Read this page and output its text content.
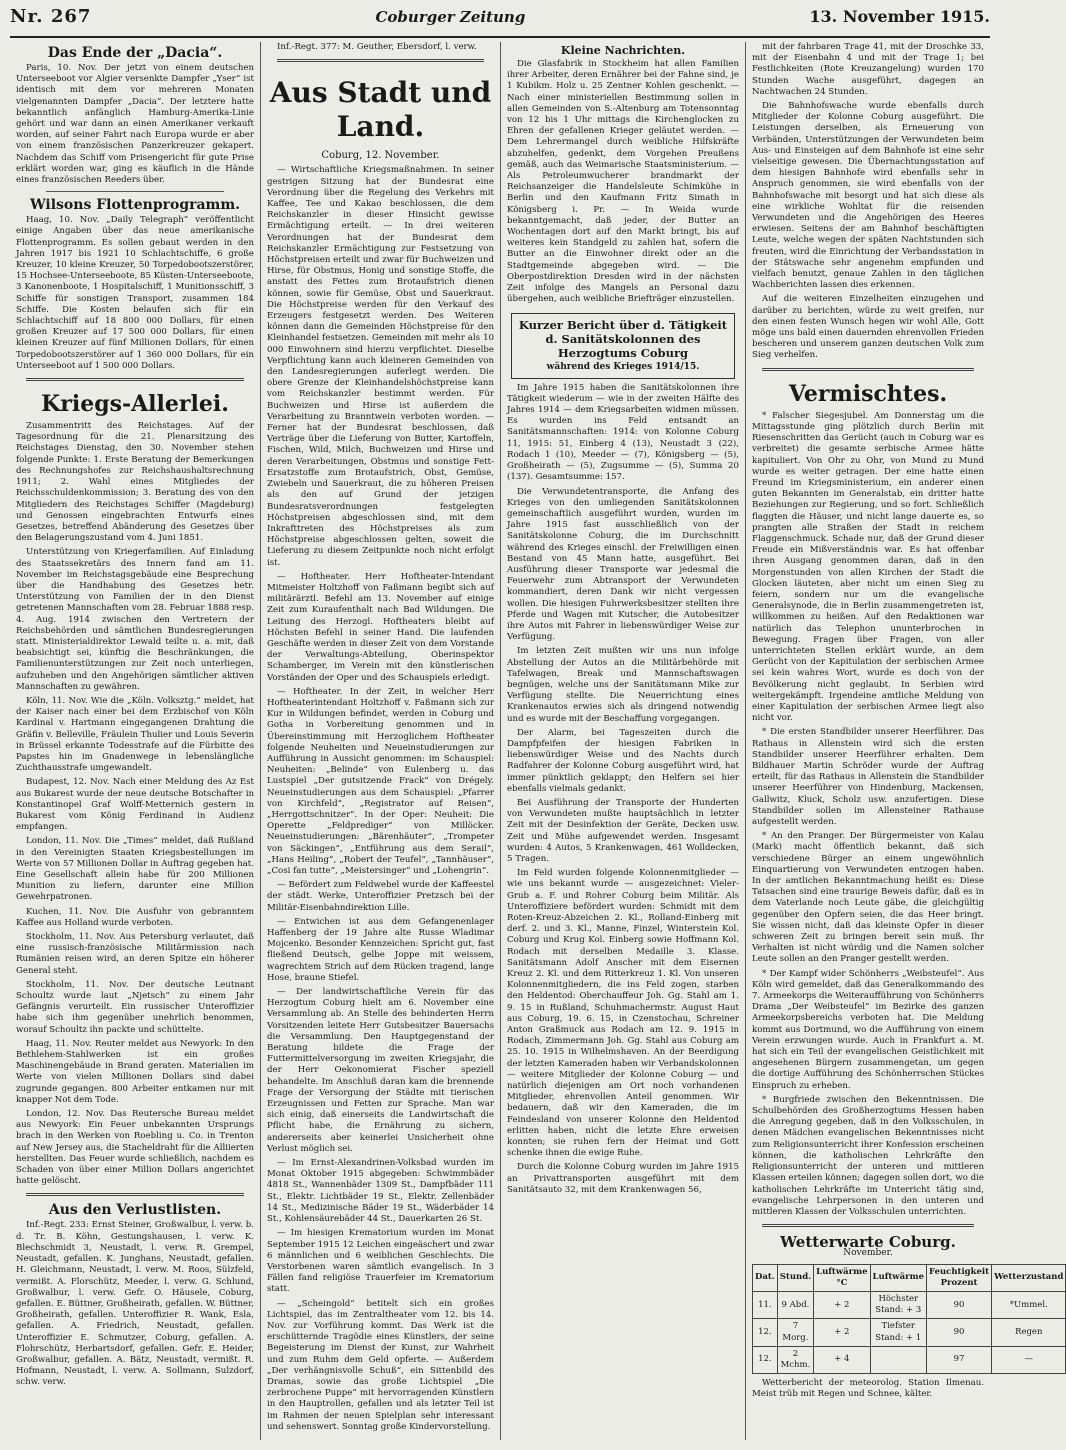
Nr. 267	Coburger Zeitung	13. November 1915.
Das Ende der „Dacia“.

Paris, 10. Nov. Der jetzt von einem deutschen Unterseeboot vor Algier versenkte Dampfer „Yser“ ist identisch mit dem vor mehreren Monaten vielgenannten Dampfer „Dacia“. Der letztere hatte bekanntlich anfänglich Hamburg-Amerika-Linie gehört und war dann an einen Amerikaner verkauft worden, auf seiner Fahrt nach Europa wurde er aber von einem französischen Panzerkreuzer gekapert. Nachdem das Schiff vom Prisengericht für gute Prise erklärt worden war, ging es käuflich in die Hände eines französischen Reeders über.

Wilsons Flottenprogramm.

Haag, 10. Nov. „Daily Telegraph“ veröffentlicht einige Angaben über das neue amerikanische Flottenprogramm. Es sollen gebaut werden in den Jahren 1917 bis 1921 10 Schlachtschiffe, 6 große Kreuzer, 10 kleine Kreuzer, 50 Torpedobootszerstörer, 15 Hochsee-Unterseeboote, 85 Küsten-Unterseeboote, 3 Kanonenboote, 1 Hospitalschiff, 1 Munitionsschiff, 3 Schiffe für sonstigen Transport, zusammen 184 Schiffe. Die Kosten belaufen sich für ein Schlachtschiff auf 18 800 000 Dollars, für einen großen Kreuzer auf 17 500 000 Dollars, für einen kleinen Kreuzer auf fünf Millionen Dollars, für einen Torpedobootszerstörer auf 1 360 000 Dollars, für ein Unterseeboot auf 1 500 000 Dollars.

Kriegs-Allerlei.

Zusammentritt des Reichstages. Auf der Tagesordnung für die 21. Plenarsitzung des Reichstages Dienstag, den 30. November stehen folgende Punkte: 1. Erste Beratung der Bemerkungen des Rechnungshofes zur Reichshaushaltsrechnung 1911; 2. Wahl eines Mitgliedes der Reichsschuldenkommission; 3. Beratung des von den Mitgliedern des Reichstages Schiffer (Magdeburg) und Genossen eingebrachten Entwurfs eines Gesetzes, betreffend Abänderung des Gesetzes über den Belagerungszustand vom 4. Juni 1851.

Unterstützung von Kriegerfamilien. Auf Einladung des Staatssekretärs des Innern fand am 11. November im Reichstagsgebäude eine Besprechung über die Handhabung des Gesetzes betr. Unterstützung von Familien der in den Dienst getretenen Mannschaften vom 28. Februar 1888 resp. 4. Aug. 1914 zwischen den Vertretern der Reichsbehörden und sämtlichen Bundesregierungen statt. Ministerialdirektor Lewald teilte u. a. mit, daß beabsichtigt sei, künftig die Beschränkungen, die Familienunterstützungen zur Zeit noch unterliegen, aufzuheben und den Angehörigen sämtlicher aktiven Mannschaften zu gewähren.

Köln, 11. Nov. Wie die „Köln. Volksztg.“ meldet, hat der Kaiser nach einer bei dem Erzbischof von Köln Kardinal v. Hartmann eingegangenen Drahtung die Gräfin v. Belleville, Fräulein Thulier und Louis Severin in Brüssel erkannte Todesstrafe auf die Fürbitte des Papstes hin im Gnadenwege in lebenslängliche Zuchthausstrafe umgewandelt.

Budapest, 12. Nov. Nach einer Meldung des Az Est aus Bukarest wurde der neue deutsche Botschafter in Konstantinopel Graf Wolff-Metternich gestern in Bukarest vom König Ferdinand in Audienz empfangen.

London, 11. Nov. Die „Times“ meldet, daß Rußland in den Vereinigten Staaten Kriegsbestellungen im Werte von 57 Millionen Dollar in Auftrag gegeben hat. Eine Gesellschaft allein habe für 200 Millionen Munition zu liefern, darunter eine Million Gewehrpatronen.

Kuchen, 11. Nov. Die Ausfuhr von gebranntem Kaffee aus Holland wurde verboten.

Stockholm, 11. Nov. Aus Petersburg verlautet, daß eine russisch-französische Militärmission nach Rumänien reisen wird, an deren Spitze ein höherer General steht.

Stockholm, 11. Nov. Der deutsche Leutnant Schoultz wurde laut „Njetsch“ zu einem Jahr Gefängnis verurteilt. Ein russischer Unteroffizier habe sich ihm gegenüber unehrlich benommen, worauf Schoultz ihn packte und schüttelte.

Haag, 11. Nov. Reuter meldet aus Newyork: In den Bethlehem-Stahlwerken ist ein großes Maschinengebäude in Brand geraten. Materialien im Werte von vielen Millionen Dollars sind dabei zugrunde gegangen. 800 Arbeiter entkamen nur mit knapper Not dem Tode.

London, 12. Nov. Das Reutersche Bureau meldet aus Newyork: Ein Feuer unbekannten Ursprungs brach in den Werken von Roebling u. Co. in Trenton auf New Jersey aus, die Stacheldraht für die Alliierten herstellten. Das Feuer wurde schließlich, nachdem es Schaden von über einer Million Dollars angerichtet hatte gelöscht.

Aus den Verlustlisten.

Inf.-Regt. 233: Ernst Steiner, Großwalbur, l. verw. b. d. Tr. B. Köhn, Gestungshausen, l. verw. K. Blechschmidt 3, Neustadt, l. verw. R. Grempel, Neustadt, gefallen. K. Junghans, Neustadt, gefallen. H. Gleichmann, Neustadt, l. verw. M. Roos, Sülzfeld, vermißt. A. Florschütz, Meeder, l. verw. G. Schlund, Großwalbur, l. verw. Gefr. O. Häusele, Coburg, gefallen. E. Büttner, Großheirath, gefallen. W. Büttner, Großheirath, gefallen. Unteroffizier R. Wank, Esla, gefallen. A. Friedrich, Neustadt, gefallen. Unteroffizier E. Schmutzer, Coburg, gefallen. A. Flohrschütz, Herbartsdorf, gefallen. Gefr. E. Heider, Großwalbur, gefallen. A. Bätz, Neustadt, vermißt. R. Hofmann, Neustadt, l. verw. A. Sollmann, Sulzdorf, schw. verw.

Inf.-Regt. 377: M. Geuther, Ebersdorf, l. verw.

Aus Stadt und Land.

Coburg, 12. November.

— Wirtschaftliche Kriegsmaßnahmen. In seiner gestrigen Sitzung hat der Bundesrat eine Verordnung über die Regelung des Verkehrs mit Kaffee, Tee und Kakao beschlossen, die dem Reichskanzler in dieser Hinsicht gewisse Ermächtigung erteilt. — In drei weiteren Verordnungen hat der Bundesrat dem Reichskanzler Ermächtigung zur Festsetzung von Höchstpreisen erteilt und zwar für Buchweizen und Hirse, für Obstmus, Honig und sonstige Stoffe, die anstatt des Fettes zum Brotaufstrich dienen können, sowie für Gemüse, Obst und Sauerkraut. Die Höchstpreise werden für den Verkauf des Erzeugers festgesetzt werden. Des Weiteren können dann die Gemeinden Höchstpreise für den Kleinhandel festsetzen. Gemeinden mit mehr als 10 000 Einwohnern sind hierzu verpflichtet. Dieselbe Verpflichtung kann auch kleineren Gemeinden von den Landesregierungen auferlegt werden. Die obere Grenze der Kleinhandelshöchstpreise kann vom Reichskanzler bestimmt werden. Für Buchweizen und Hirse ist außerdem die Verarbeitung zu Branntwein verboten worden. — Ferner hat der Bundesrat beschlossen, daß Verträge über die Lieferung von Butter, Kartoffeln, Fischen, Wild, Milch, Buchweizen und Hirse und deren Verarbeitungen, Obstmus und sonstige Fett-Ersatzstoffe zum Brotaufstrich, Obst, Gemüse, Zwiebeln und Sauerkraut, die zu höheren Preisen als den auf Grund der jetzigen Bundesratsverordnungen festgelegten Höchstpreisen abgeschlossen sind, mit dem Inkrafttreten des Höchstpreises als zum Höchstpreise abgeschlossen gelten, soweit die Lieferung zu diesem Zeitpunkte noch nicht erfolgt ist.

— Hoftheater. Herr Hoftheater-Intendant Mitmeister Holtzhoff von Faßmann begibt sich auf militärärztl. Befehl am 13. November auf einige Zeit zum Kuraufenthalt nach Bad Wildungen. Die Leitung des Herzogl. Hoftheaters bleibt auf Höchsten Befehl in seiner Hand. Die laufenden Geschäfte werden in dieser Zeit von dem Vorstande der Verwaltungs-Abteilung, Oberinspektor Schamberger, im Verein mit den künstlerischen Vorständen der Oper und des Schauspiels erledigt.

— Hoftheater. In der Zeit, in welcher Herr Hoftheaterintendant Holtzhoff v. Faßmann sich zur Kur in Wildungen befindet, werden in Coburg und Gotha in Vorbereitung genommen und in Übereinstimmung mit Herzoglichem Hoftheater folgende Neuheiten und Neueinstudierungen zur Aufführung in Aussicht genommen: im Schauspiel: Neuheiten: „Belinde“ von Eulenberg u. das Lustspiel „Der gutsitzende Frack“ von Drégely. Neueinstudierungen aus dem Schauspiel: „Pfarrer von Kirchfeld“, „Registrator auf Reisen“, „Herrgottschnitzer“. In der Oper: Neuheit: Die Operette „Feldprediger“ von Millöcker. Neueinstudierungen: „Bärenhäuter“, „Trompeter von Säckingen“, „Entführung aus dem Serail“, „Hans Heiling“, „Robert der Teufel“, „Tannhäuser“, „Cosi fan tutte“, „Meistersinger“ und „Lohengrin“.

— Befördert zum Feldwebel wurde der Kaffeestel der städt. Werke, Unteroffizier Pretzsch bei der Militär-Eisenbahndirektion Lille.

— Entwichen ist aus dem Gefangenenlager Haffenberg der 19 Jahre alte Russe Wladimar Mojcenko. Besonder Kennzeichen: Spricht gut, fast fließend Deutsch, gelbe Joppe mit weissem, wagrechtem Strich auf dem Rücken tragend, lange Hose, braune Stiefel.

— Der landwirtschaftliche Verein für das Herzogtum Coburg hielt am 6. November eine Versammlung ab. An Stelle des behinderten Herrn Vorsitzenden leitete Herr Gutsbesitzer Bauersachs die Versammlung. Den Hauptgegenstand der Beratung bildete die Frage der Futtermittelversorgung im zweiten Kriegsjahr, die der Herr Oekonomierat Fischer speziell behandelte. Im Anschluß daran kam die brennende Frage der Versorgung der Städte mit tierischen Erzeugnissen und Fetten zur Sprache. Man war sich einig, daß einerseits die Landwirtschaft die Pflicht habe, die Ernährung zu sichern, andererseits aber keinerlei Unsicherheit ohne Verlust möglich sei.

— Im Ernst-Alexandrinen-Volksbad wurden im Monat Oktober 1915 abgegeben: Schwimmbäder 4818 St., Wannenbäder 1309 St., Dampfbäder 111 St., Elektr. Lichtbäder 19 St., Elektr. Zellenbäder 14 St., Medizinische Bäder 19 St., Wäderbäder 14 St., Kohlensäurebäder 44 St., Dauerkarten 26 St.

— Im hiesigen Krematorium wurden im Monat September 1915 12 Leichen eingeäschert und zwar 6 männlichen und 6 weiblichen Geschlechts. Die Verstorbenen waren sämtlich evangelisch. In 3 Fällen fand religiöse Trauerfeier im Krematorium statt.

— „Scheingold“ betitelt sich ein großes Lichtspiel, das im Zentraltheater vom 12. bis 14. Nov. zur Vorführung kommt. Das Werk ist die erschütternde Tragödie eines Künstlers, der seine Begeisterung im Dienst der Kunst, zur Wahrheit und zum Ruhm dem Geld opferte. — Außerdem „Der verhängnisvolle Schuß“, ein Sittenbild des Dramas, sowie das große Lichtspiel „Die zerbrochene Puppe“ mit hervorragenden Künstlern in den Hauptrollen, gefallen und als letzter Teil ist im Rahmen der neuen Spielplan sehr interessant und sehenswert. Sonntag große Kindervorstellung.

Kleine Nachrichten.

Die Glasfabrik in Stockheim hat allen Familien ihrer Arbeiter, deren Ernährer bei der Fahne sind, je 1 Kubikm. Holz u. 25 Zentner Kohlen geschenkt. — Nach einer ministeriellen Bestimmung sollen in allen Gemeinden von S.-Altenburg am Totensonntag von 12 bis 1 Uhr mittags die Kirchenglocken zu Ehren der gefallenen Krieger geläutet werden. — Dem Lehrermangel durch weibliche Hilfskräfte abzuhelfen, gedenkt, dem Vorgehen Preußens gemäß, auch das Weimarische Staatsministerium. — Als Petroleumwucherer brandmarkt der Reichsanzeiger die Handelsleute Schimkühe in Berlin und den Kaufmann Fritz Simath in Königsberg i. Pr. — In Weida wurde bekanntgemacht, daß jeder, der Butter an Wochentagen dort auf den Markt bringt, bis auf weiteres kein Standgeld zu zahlen hat, sofern die Butter an die Einwohner direkt oder an die Stadtgemeinde abgegeben wird. — Die Oberpostdirektion Dresden wird in der nächsten Zeit infolge des Mangels an Personal dazu übergehen, auch weibliche Briefträger einzustellen.

Kurzer Bericht über d. Tätigkeit d. Sanitätskolonnen des Herzogtums Coburg
während des Krieges 1914/15.

Im Jahre 1915 haben die Sanitätskolonnen ihre Tätigkeit wiederum — wie in der zweiten Hälfte des Jahres 1914 — dem Kriegsarbeiten widmen müssen. Es wurden ins Feld entsandt an Sanitätsmannschaften: 1914: von Kolonne Coburg 11, 1915: 51, Einberg 4 (13), Neustadt 3 (22), Rodach 1 (10), Meeder — (7), Königsberg — (5), Großheirath — (5), Zugsumme — (5), Summa 20 (137). Gesamtsumme: 157.

Die Verwundetentransporte, die Anfang des Krieges von den umliegenden Sanitätskolonnen gemeinschaftlich ausgeführt wurden, wurden im Jahre 1915 fast ausschließlich von der Sanitätskolonne Coburg, die im Durchschnitt während des Krieges einschl. der Freiwilligen einen Bestand von 45 Mann hatte, ausgeführt. Bei Ausführung dieser Transporte war jedesmal die Feuerwehr zum Abtransport der Verwundeten kommandiert, deren Dank wir nicht vergessen wollen. Die hiesigen Fuhrwerksbesitzer stellten ihre Pferde und Wagen mit Kutscher, die Autobesitzer ihre Autos mit Fahrer in liebenswürdiger Weise zur Verfügung.

Im letzten Zeit mußten wir uns nun infolge Abstellung der Autos an die Militärbehörde mit Tafelwagen, Break und Mannschaftswagen begnügen, welche uns der Sanitätsmann Mike zur Verfügung stellte. Die Neuerrichtung eines Krankenautos erwies sich als dringend notwendig und es wurde mit der Beschaffung vorgegangen.

Der Alarm, bei Tageszeiten durch die Dampfpfeifen der hiesigen Fabriken in liebenswürdiger Weise und des Nachts durch Radfahrer der Kolonne Coburg ausgeführt wird, hat immer pünktlich geklappt; den Helfern sei hier ebenfalls vielmals gedankt.

Bei Ausführung der Transporte der Hunderten von Verwundeten mußte hauptsächlich in letzter Zeit mit der Desinfektion der Geräte, Decken usw. Zeit und Mühe aufgewendet werden. Insgesamt wurden: 4 Autos, 5 Krankenwagen, 461 Wolldecken, 5 Tragen.

Im Feld wurden folgende Kolonnenmitglieder — wie uns bekannt wurde — ausgezeichnet: Vieler-Grub a. F. und Rohrer Coburg beim Militär. Als Unteroffiziere befördert wurden: Schmidt mit dem Roten-Kreuz-Abzeichen 2. Kl., Rolland-Einberg mit derf. 2. und 3. Kl., Manne, Finzel, Winterstein Kol. Coburg und Krug Kol. Einberg sowie Hoffmann Kol. Rodach mit derselben Medaille 3. Klasse. Sanitätsmann Adolf Anscher mit dem Eisernen Kreuz 2. Kl. und dem Ritterkreuz 1. Kl. Von unseren Kolonnenmitgliedern, die ins Feld zogen, starben den Heldentod: Oberchauffeur Joh. Gg. Stahl am 1. 9. 15 in Rußland, Schuhmachermstr. August Haut aus Coburg, 19. 6. 15, in Czenstochau, Schreiner Anton Graßmuck aus Rodach am 12. 9. 1915 in Rodach, Zimmermann Joh. Gg. Stahl aus Coburg am 25. 10. 1915 in Wilhelmshaven. An der Beerdigung der letzten Kameraden haben wir Verbandskolonnen — weitere Mitglieder der Kolonne Coburg — und natürlich diejenigen am Ort noch vorhandenen Mitglieder, ehrenvollen Anteil genommen. Wir bedauern, daß wir den Kameraden, die im Feindesland von unserer Kolonne den Heldentod erlitten haben, nicht die letzte Ehre erweisen konnten; sie ruhen fern der Heimat und Gott schenke ihnen die ewige Ruhe.

Durch die Kolonne Coburg wurden im Jahre 1915 an Privattransporten ausgeführt mit dem Sanitätsauto 32, mit dem Krankenwagen 56,

mit der fahrbaren Trage 41, mit der Droschke 33, mit der Eisenbahn 4 und mit der Trage 1; bei Festlichkeiten (Rote Kreuzangelung) wurden 170 Stunden Wache ausgeführt, dagegen an Nachtwachen 24 Stunden.

Die Bahnhofswache wurde ebenfalls durch Mitglieder der Kolonne Coburg ausgeführt. Die Leistungen derselben, als Erneuerung von Verbänden, Unterstützungen der Verwundeten beim Aus- und Einsteigen auf dem Bahnhofe ist eine sehr vielseitige gewesen. Die Übernachtungsstation auf dem hiesigen Bahnhofe wird ebenfalls sehr in Anspruch genommen, sie wird ebenfalls von der Bahnhofswache mit besorgt und hat sich diese als eine wirkliche Wohltat für die reisenden Verwundeten und die Angehörigen des Heeres erwiesen. Seitens der am Bahnhof beschäftigten Leute, welche wegen der späten Nachtstunden sich freuten, wird die Einrichtung der Verbandsstation in der Stätswache sehr angenehm empfunden und vielfach benutzt, genaue Zahlen in den täglichen Wachberichten lassen dies erkennen.

Auf die weiteren Einzelheiten einzugehen und darüber zu berichten, würde zu weit greifen, nur den einen festen Wunsch hegen wir wohl Alle, Gott möge uns bald einen dauernden ehrenvollen Frieden bescheren und unserem ganzen deutschen Volk zum Sieg verhelfen.

Vermischtes.

* Falscher Siegesjubel. Am Donnerstag um die Mittagsstunde ging plötzlich durch Berlin mit Riesenschritten das Gerücht (auch in Coburg war es verbreitet) die gesamte serbische Armee hätte kapituliert. Von Ohr zu Ohr, von Mund zu Mund wurde es weiter getragen. Der eine hatte einen Freund im Kriegsministerium, ein anderer einen guten Bekannten im Generalstab, ein dritter hatte Beziehungen zur Regierung, und so fort. Schließlich flaggten die Häuser, und nicht lange dauerte es, so prangten alle Straßen der Stadt in reichem Flaggenschmuck. Schade nur, daß der Grund dieser Freude ein Mißverständnis war. Es hat offenbar ihren Ausgang genommen daran, daß in den Morgenstunden von allen Kirchen der Stadt die Glocken läuteten, aber nicht um einen Sieg zu feiern, sondern nur um die evangelische Generalsynode, die in Berlin zusammengetreten ist, willkommen zu heißen. Auf den Redaktionen war natürlich das Telephon ununterbrochen in Bewegung. Fragen über Fragen, von aller unterrichteten Stellen erklärt wurde, an dem Gerücht von der Kapitulation der serbischen Armee sei kein wahres Wort, wurde es doch von der Bevölkerung nicht geglaubt. In Serbien wird weitergekämpft. Irgendeine amtliche Meldung von einer Kapitulation der serbischen Armee liegt also nicht vor.

* Die ersten Standbilder unserer Heerführer. Das Rathaus in Allenstein wird sich die ersten Standbilder unserer Heerführer erhalten. Dem Bildhauer Martin Schröder wurde der Auftrag erteilt, für das Rathaus in Allenstein die Standbilder unserer Heerführer von Hindenburg, Mackensen, Gallwitz, Kluck, Scholz usw. anzufertigen. Diese Standbilder sollen im Allensteiner Rathause aufgestellt werden.

* An den Pranger. Der Bürgermeister von Kalau (Mark) macht öffentlich bekannt, daß sich verschiedene Bürger an einem ungewöhnlich Einquartierung von Verwundeten entzogen haben. In der amtlichen Bekanntmachung heißt es: Diese Tatsachen sind eine traurige Beweis dafür, daß es in dem Vaterlande noch Leute gäbe, die gleichgültig gegenüber den Opfern seien, die das Heer bringt. Sie wissen nicht, daß das kleinste Opfer in dieser schweren Zeit zu bringen bereit sein muß. Ihr Verhalten ist nicht würdig und die Namen solcher Leute sollen an den Pranger gestellt werden.

* Der Kampf wider Schönherrs „Weibsteufel“. Aus Köln wird gemeldet, daß das Generalkommando des 7. Armeekorps die Weiteraufführung von Schönherrs Drama „Der Weibsteufel“ im Bezirke des ganzen Armeekorpsbereichs verboten hat. Die Meldung kommt aus Dortmund, wo die Aufführung von einem Verein erzwungen wurde. Auch in Frankfurt a. M. hat sich ein Teil der evangelischen Geistlichkeit mit angesehenen Bürgern zusammengetan, um gegen die dortige Aufführung des Schönherrschen Stückes Einspruch zu erheben.

* Burgfriede zwischen den Bekenntnissen. Die Schulbehörden des Großherzogtums Hessen haben die Anregung gegeben, daß in den Volksschulen, in denen Mädchen evangelischen Bekenntnisses nicht zum Religionsunterricht ihrer Konfession erscheinen können, die katholischen Lehrkräfte den Religionsunterricht der unteren und mittleren Klassen erteilen können; dagegen sollen dort, wo die katholischen Lehrkräfte im Unterricht tätig sind, evangelische Lehrpersonen in den unteren und mittleren Klassen der Volksschulen unterrichten.

Wetterwarte Coburg.
November.
Dat.	Stund.	Luftwärme °C	Luftwärme	Feuchtigkeit Prozent	Wetterzustand
11.	9 Abd.	+ 2	Höchster Stand: + 3	90	*Ummel.
12.	7 Morg.	+ 2	Tiefster Stand: + 1	90	Regen
12.	2 Mchm.	+ 4		97	—

Wetterbericht der meteorolog. Station Ilmenau. Meist trüb mit Regen und Schnee, kälter.
